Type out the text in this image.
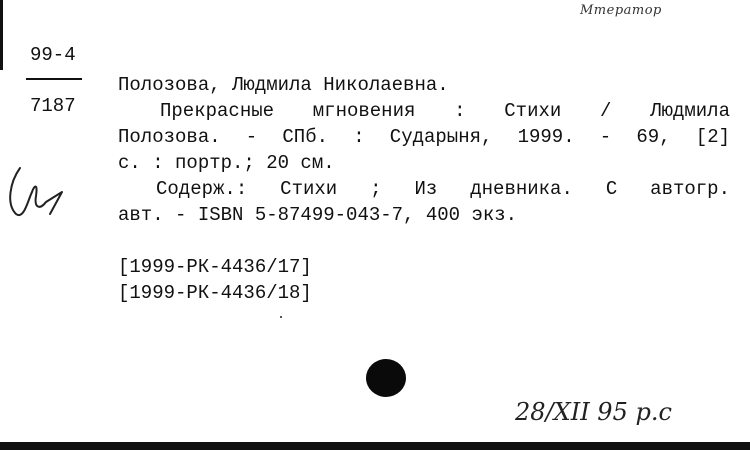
Мтератор
99-4
7187
Полозова, Людмила Николаевна.
Прекрасные мгновения : Стихи / Людмила
Полозова. - СПб. : Сударыня, 1999. - 69, [2]
с. : портр.; 20 см.
Содерж.: Стихи ; Из дневника. С автогр.
авт. - ISBN 5-87499-043-7, 400 экз.
[1999-РК-4436/17]
[1999-РК-4436/18]
28/XII 95 р.с
